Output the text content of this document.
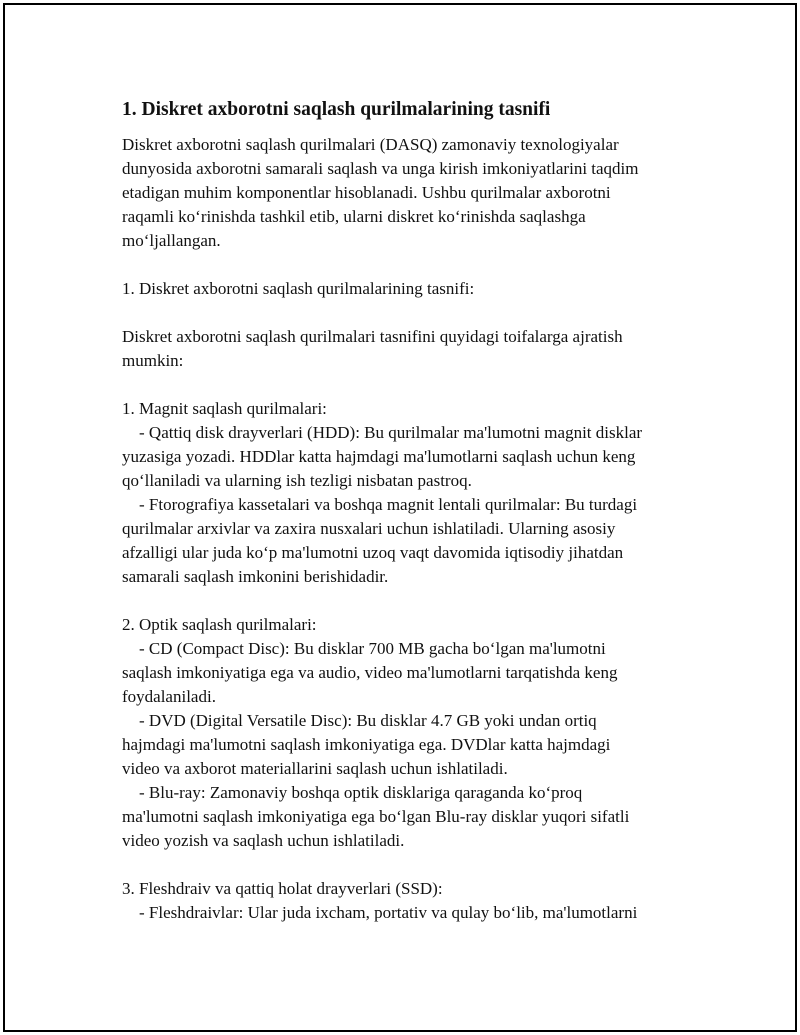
1. Diskret axborotni saqlash qurilmalarining tasnifi

Diskret axborotni saqlash qurilmalari (DASQ) zamonaviy texnologiyalar

dunyosida axborotni samarali saqlash va unga kirish imkoniyatlarini taqdim

etadigan muhim komponentlar hisoblanadi. Ushbu qurilmalar axborotni

raqamli ko‘rinishda tashkil etib, ularni diskret ko‘rinishda saqlashga

mo‘ljallangan.

1. Diskret axborotni saqlash qurilmalarining tasnifi:

Diskret axborotni saqlash qurilmalari tasnifini quyidagi toifalarga ajratish

mumkin:

1. Magnit saqlash qurilmalari:

- Qattiq disk drayverlari (HDD): Bu qurilmalar ma'lumotni magnit disklar

yuzasiga yozadi. HDDlar katta hajmdagi ma'lumotlarni saqlash uchun keng

qo‘llaniladi va ularning ish tezligi nisbatan pastroq.

- Ftorografiya kassetalari va boshqa magnit lentali qurilmalar: Bu turdagi

qurilmalar arxivlar va zaxira nusxalari uchun ishlatiladi. Ularning asosiy

afzalligi ular juda ko‘p ma'lumotni uzoq vaqt davomida iqtisodiy jihatdan

samarali saqlash imkonini berishidadir.

2. Optik saqlash qurilmalari:

- CD (Compact Disc): Bu disklar 700 MB gacha bo‘lgan ma'lumotni

saqlash imkoniyatiga ega va audio, video ma'lumotlarni tarqatishda keng

foydalaniladi.

- DVD (Digital Versatile Disc): Bu disklar 4.7 GB yoki undan ortiq

hajmdagi ma'lumotni saqlash imkoniyatiga ega. DVDlar katta hajmdagi

video va axborot materiallarini saqlash uchun ishlatiladi.

- Blu-ray: Zamonaviy boshqa optik disklariga qaraganda ko‘proq

ma'lumotni saqlash imkoniyatiga ega bo‘lgan Blu-ray disklar yuqori sifatli

video yozish va saqlash uchun ishlatiladi.

3. Fleshdraiv va qattiq holat drayverlari (SSD):

- Fleshdraivlar: Ular juda ixcham, portativ va qulay bo‘lib, ma'lumotlarni
